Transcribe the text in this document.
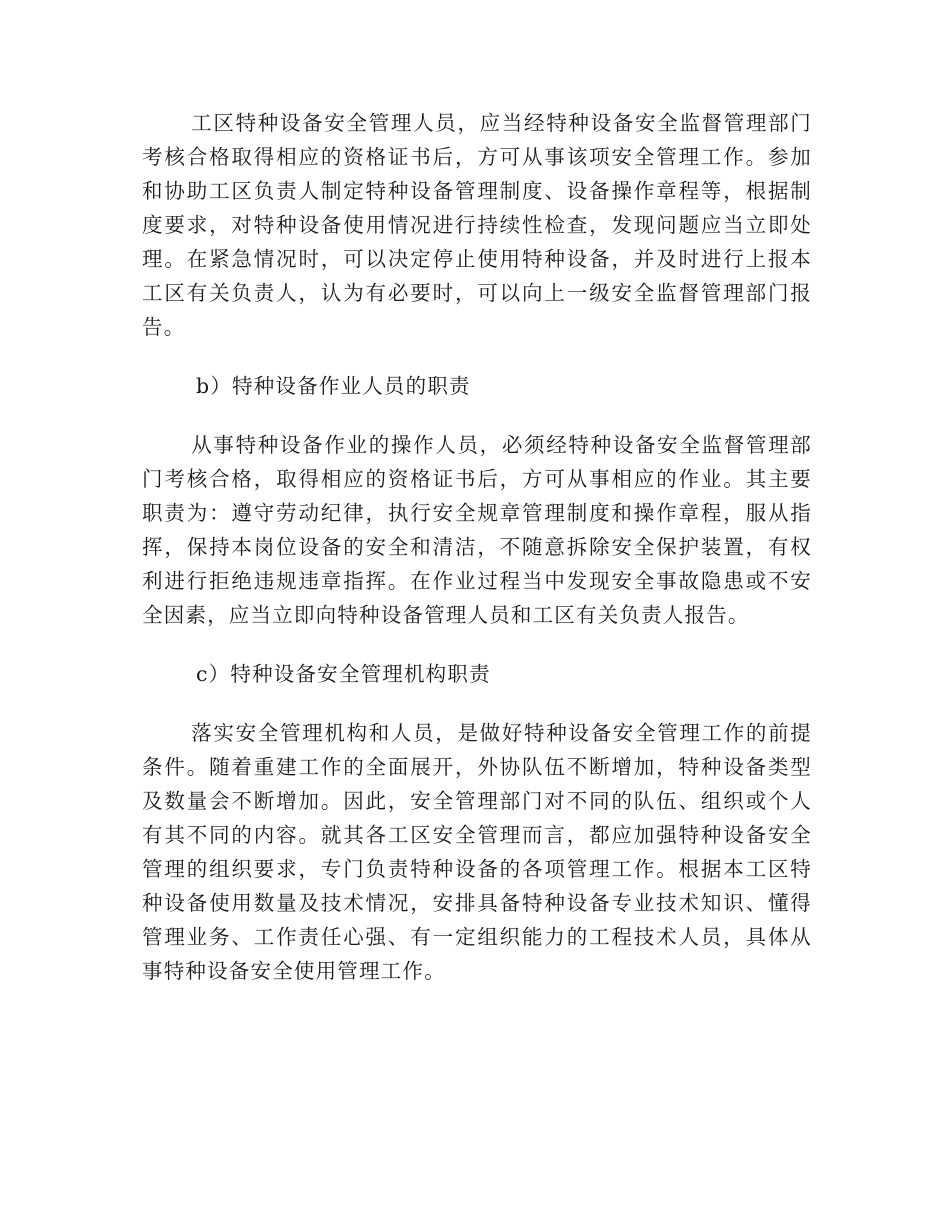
工区特种设备安全管理人员，应当经特种设备安全监督管理部门考核合格取得相应的资格证书后，方可从事该项安全管理工作。参加和协助工区负责人制定特种设备管理制度、设备操作章程等，根据制度要求，对特种设备使用情况进行持续性检查，发现问题应当立即处理。在紧急情况时，可以决定停止使用特种设备，并及时进行上报本工区有关负责人，认为有必要时，可以向上一级安全监督管理部门报告。

b）特种设备作业人员的职责

从事特种设备作业的操作人员，必须经特种设备安全监督管理部门考核合格，取得相应的资格证书后，方可从事相应的作业。其主要职责为：遵守劳动纪律，执行安全规章管理制度和操作章程，服从指挥，保持本岗位设备的安全和清洁，不随意拆除安全保护装置，有权利进行拒绝违规违章指挥。在作业过程当中发现安全事故隐患或不安全因素，应当立即向特种设备管理人员和工区有关负责人报告。

c）特种设备安全管理机构职责

落实安全管理机构和人员，是做好特种设备安全管理工作的前提条件。随着重建工作的全面展开，外协队伍不断增加，特种设备类型及数量会不断增加。因此，安全管理部门对不同的队伍、组织或个人有其不同的内容。就其各工区安全管理而言，都应加强特种设备安全管理的组织要求，专门负责特种设备的各项管理工作。根据本工区特种设备使用数量及技术情况，安排具备特种设备专业技术知识、懂得管理业务、工作责任心强、有一定组织能力的工程技术人员，具体从事特种设备安全使用管理工作。
